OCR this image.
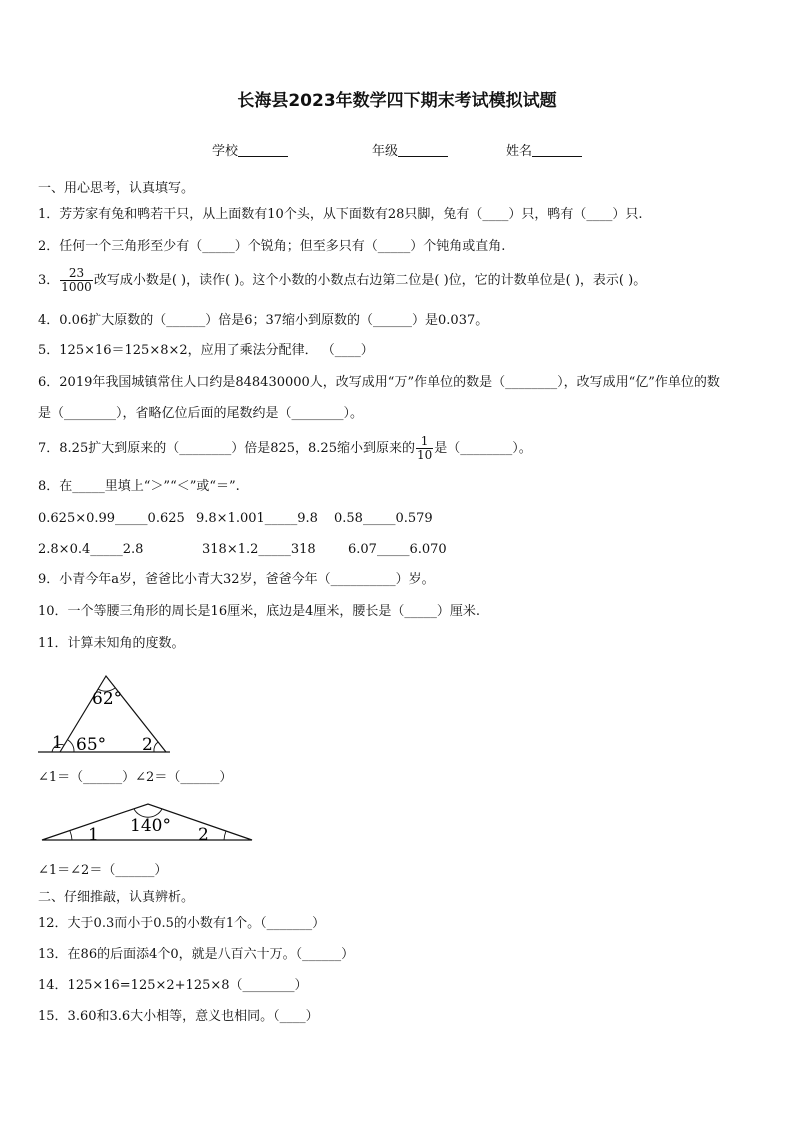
长海县2023年数学四下期末考试模拟试题
学校	年级	姓名
一、用心思考，认真填写。
1．芳芳家有兔和鸭若干只，从上面数有10个头，从下面数有28只脚，兔有（____）只，鸭有（____）只.
2．任何一个三角形至少有（_____）个锐角；但至多只有（_____）个钝角或直角.
3． $\frac{23}{1000}$ 改写成小数是( )，读作( )。这个小数的小数点右边第二位是( )位，它的计数单位是( )，表示( )。
4．0.06扩大原数的（______）倍是6；37缩小到原数的（______）是0.037。
5．125×16＝125×8×2，应用了乘法分配律． （____）
6．2019年我国城镇常住人口约是848430000人，改写成用“万”作单位的数是（________），改写成用“亿”作单位的数
是（________），省略亿位后面的尾数约是（________）。
7．8.25扩大到原来的（________）倍是825，8.25缩小到原来的 $\frac{1}{10}$ 是（________）。
8．在_____里填上“＞”“＜”或“＝”.
0.625×0.99_____0.625 9.8×1.001_____9.8 0.58_____0.579
2.8×0.4_____2.8	318×1.2_____318 6.07_____6.070
9．小青今年a岁，爸爸比小青大32岁，爸爸今年（__________）岁。
10．一个等腰三角形的周长是16厘米，底边是4厘米，腰长是（_____）厘米.
11．计算未知角的度数。
62°
65°
1	2
∠1＝（______）∠2＝（______）
140°
1	2
∠1＝∠2＝（______）
二、仔细推敲，认真辨析。
12．大于0.3而小于0.5的小数有1个。（_______）
13．在86的后面添4个0，就是八百六十万。（______）
14．125×16=125×2+125×8（________）
15．3.60和3.6大小相等，意义也相同。（____）
